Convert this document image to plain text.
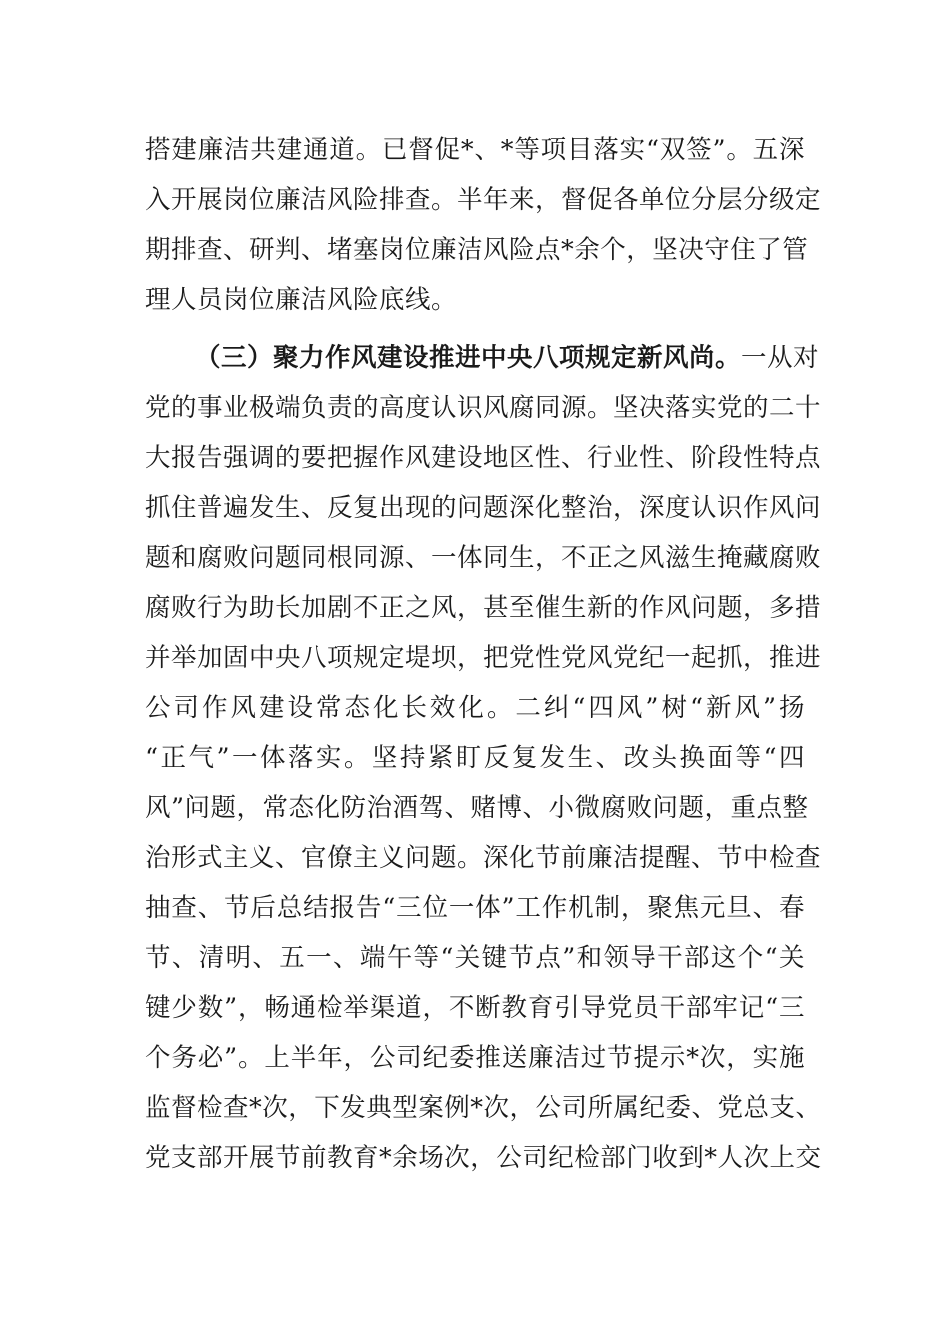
搭建廉洁共建通道。已督促*、*等项目落实“双签”。五深
入开展岗位廉洁风险排查。半年来，督促各单位分层分级定
期排查、研判、堵塞岗位廉洁风险点*余个，坚决守住了管
理人员岗位廉洁风险底线。
（三）聚力作风建设推进中央八项规定新风尚。一从对
党的事业极端负责的高度认识风腐同源。坚决落实党的二十
大报告强调的要把握作风建设地区性、行业性、阶段性特点
抓住普遍发生、反复出现的问题深化整治，深度认识作风问
题和腐败问题同根同源、一体同生，不正之风滋生掩藏腐败
腐败行为助长加剧不正之风，甚至催生新的作风问题，多措
并举加固中央八项规定堤坝，把党性党风党纪一起抓，推进
公司作风建设常态化长效化。二纠“四风”树“新风”扬
“正气”一体落实。坚持紧盯反复发生、改头换面等“四
风”问题，常态化防治酒驾、赌博、小微腐败问题，重点整
治形式主义、官僚主义问题。深化节前廉洁提醒、节中检查
抽查、节后总结报告“三位一体”工作机制，聚焦元旦、春
节、清明、五一、端午等“关键节点”和领导干部这个“关
键少数”，畅通检举渠道，不断教育引导党员干部牢记“三
个务必”。上半年，公司纪委推送廉洁过节提示*次，实施
监督检查*次，下发典型案例*次，公司所属纪委、党总支、
党支部开展节前教育*余场次，公司纪检部门收到*人次上交
